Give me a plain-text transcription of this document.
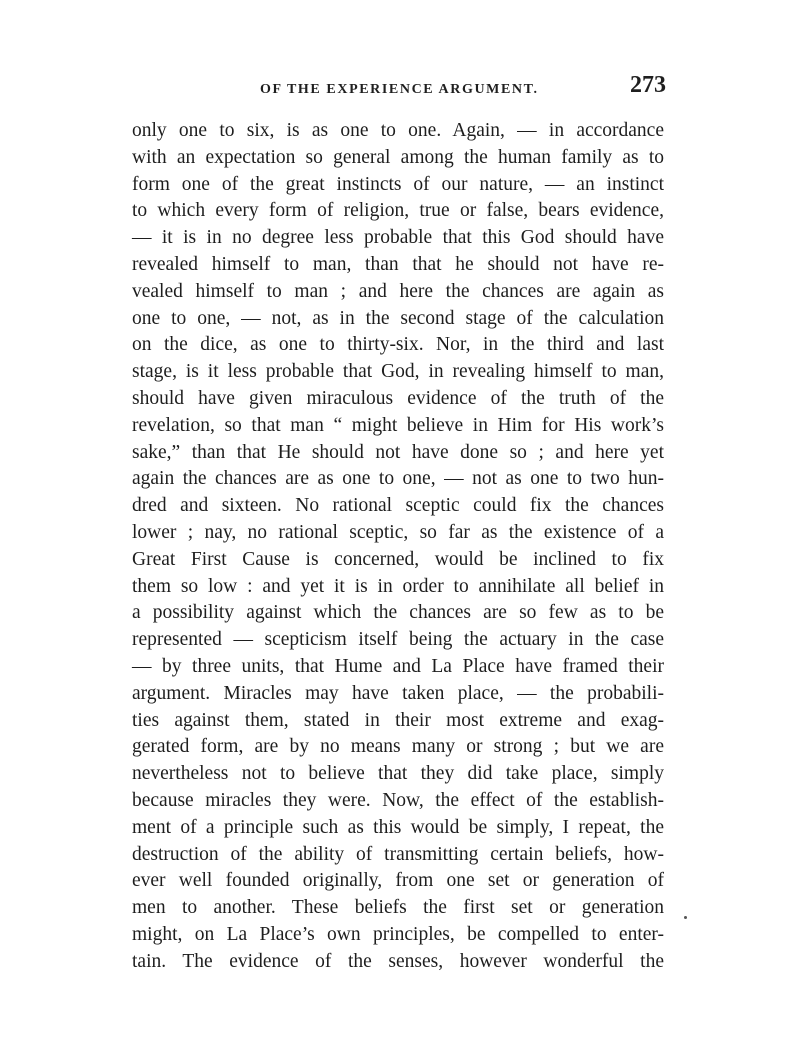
OF THE EXPERIENCE ARGUMENT.	273
only one to six, is as one to one. Again, — in accordance
with an expectation so general among the human family as to
form one of the great instincts of our nature, — an instinct
to which every form of religion, true or false, bears evidence,
— it is in no degree less probable that this God should have
revealed himself to man, than that he should not have re-
vealed himself to man ; and here the chances are again as
one to one, — not, as in the second stage of the calculation
on the dice, as one to thirty-six. Nor, in the third and last
stage, is it less probable that God, in revealing himself to man,
should have given miraculous evidence of the truth of the
revelation, so that man “ might believe in Him for His work’s
sake,” than that He should not have done so ; and here yet
again the chances are as one to one, — not as one to two hun-
dred and sixteen. No rational sceptic could fix the chances
lower ; nay, no rational sceptic, so far as the existence of a
Great First Cause is concerned, would be inclined to fix
them so low : and yet it is in order to annihilate all belief in
a possibility against which the chances are so few as to be
represented — scepticism itself being the actuary in the case
— by three units, that Hume and La Place have framed their
argument. Miracles may have taken place, — the probabili-
ties against them, stated in their most extreme and exag-
gerated form, are by no means many or strong ; but we are
nevertheless not to believe that they did take place, simply
because miracles they were. Now, the effect of the establish-
ment of a principle such as this would be simply, I repeat, the
destruction of the ability of transmitting certain beliefs, how-
ever well founded originally, from one set or generation of
men to another. These beliefs the first set or generation
might, on La Place’s own principles, be compelled to enter-
tain. The evidence of the senses, however wonderful the
